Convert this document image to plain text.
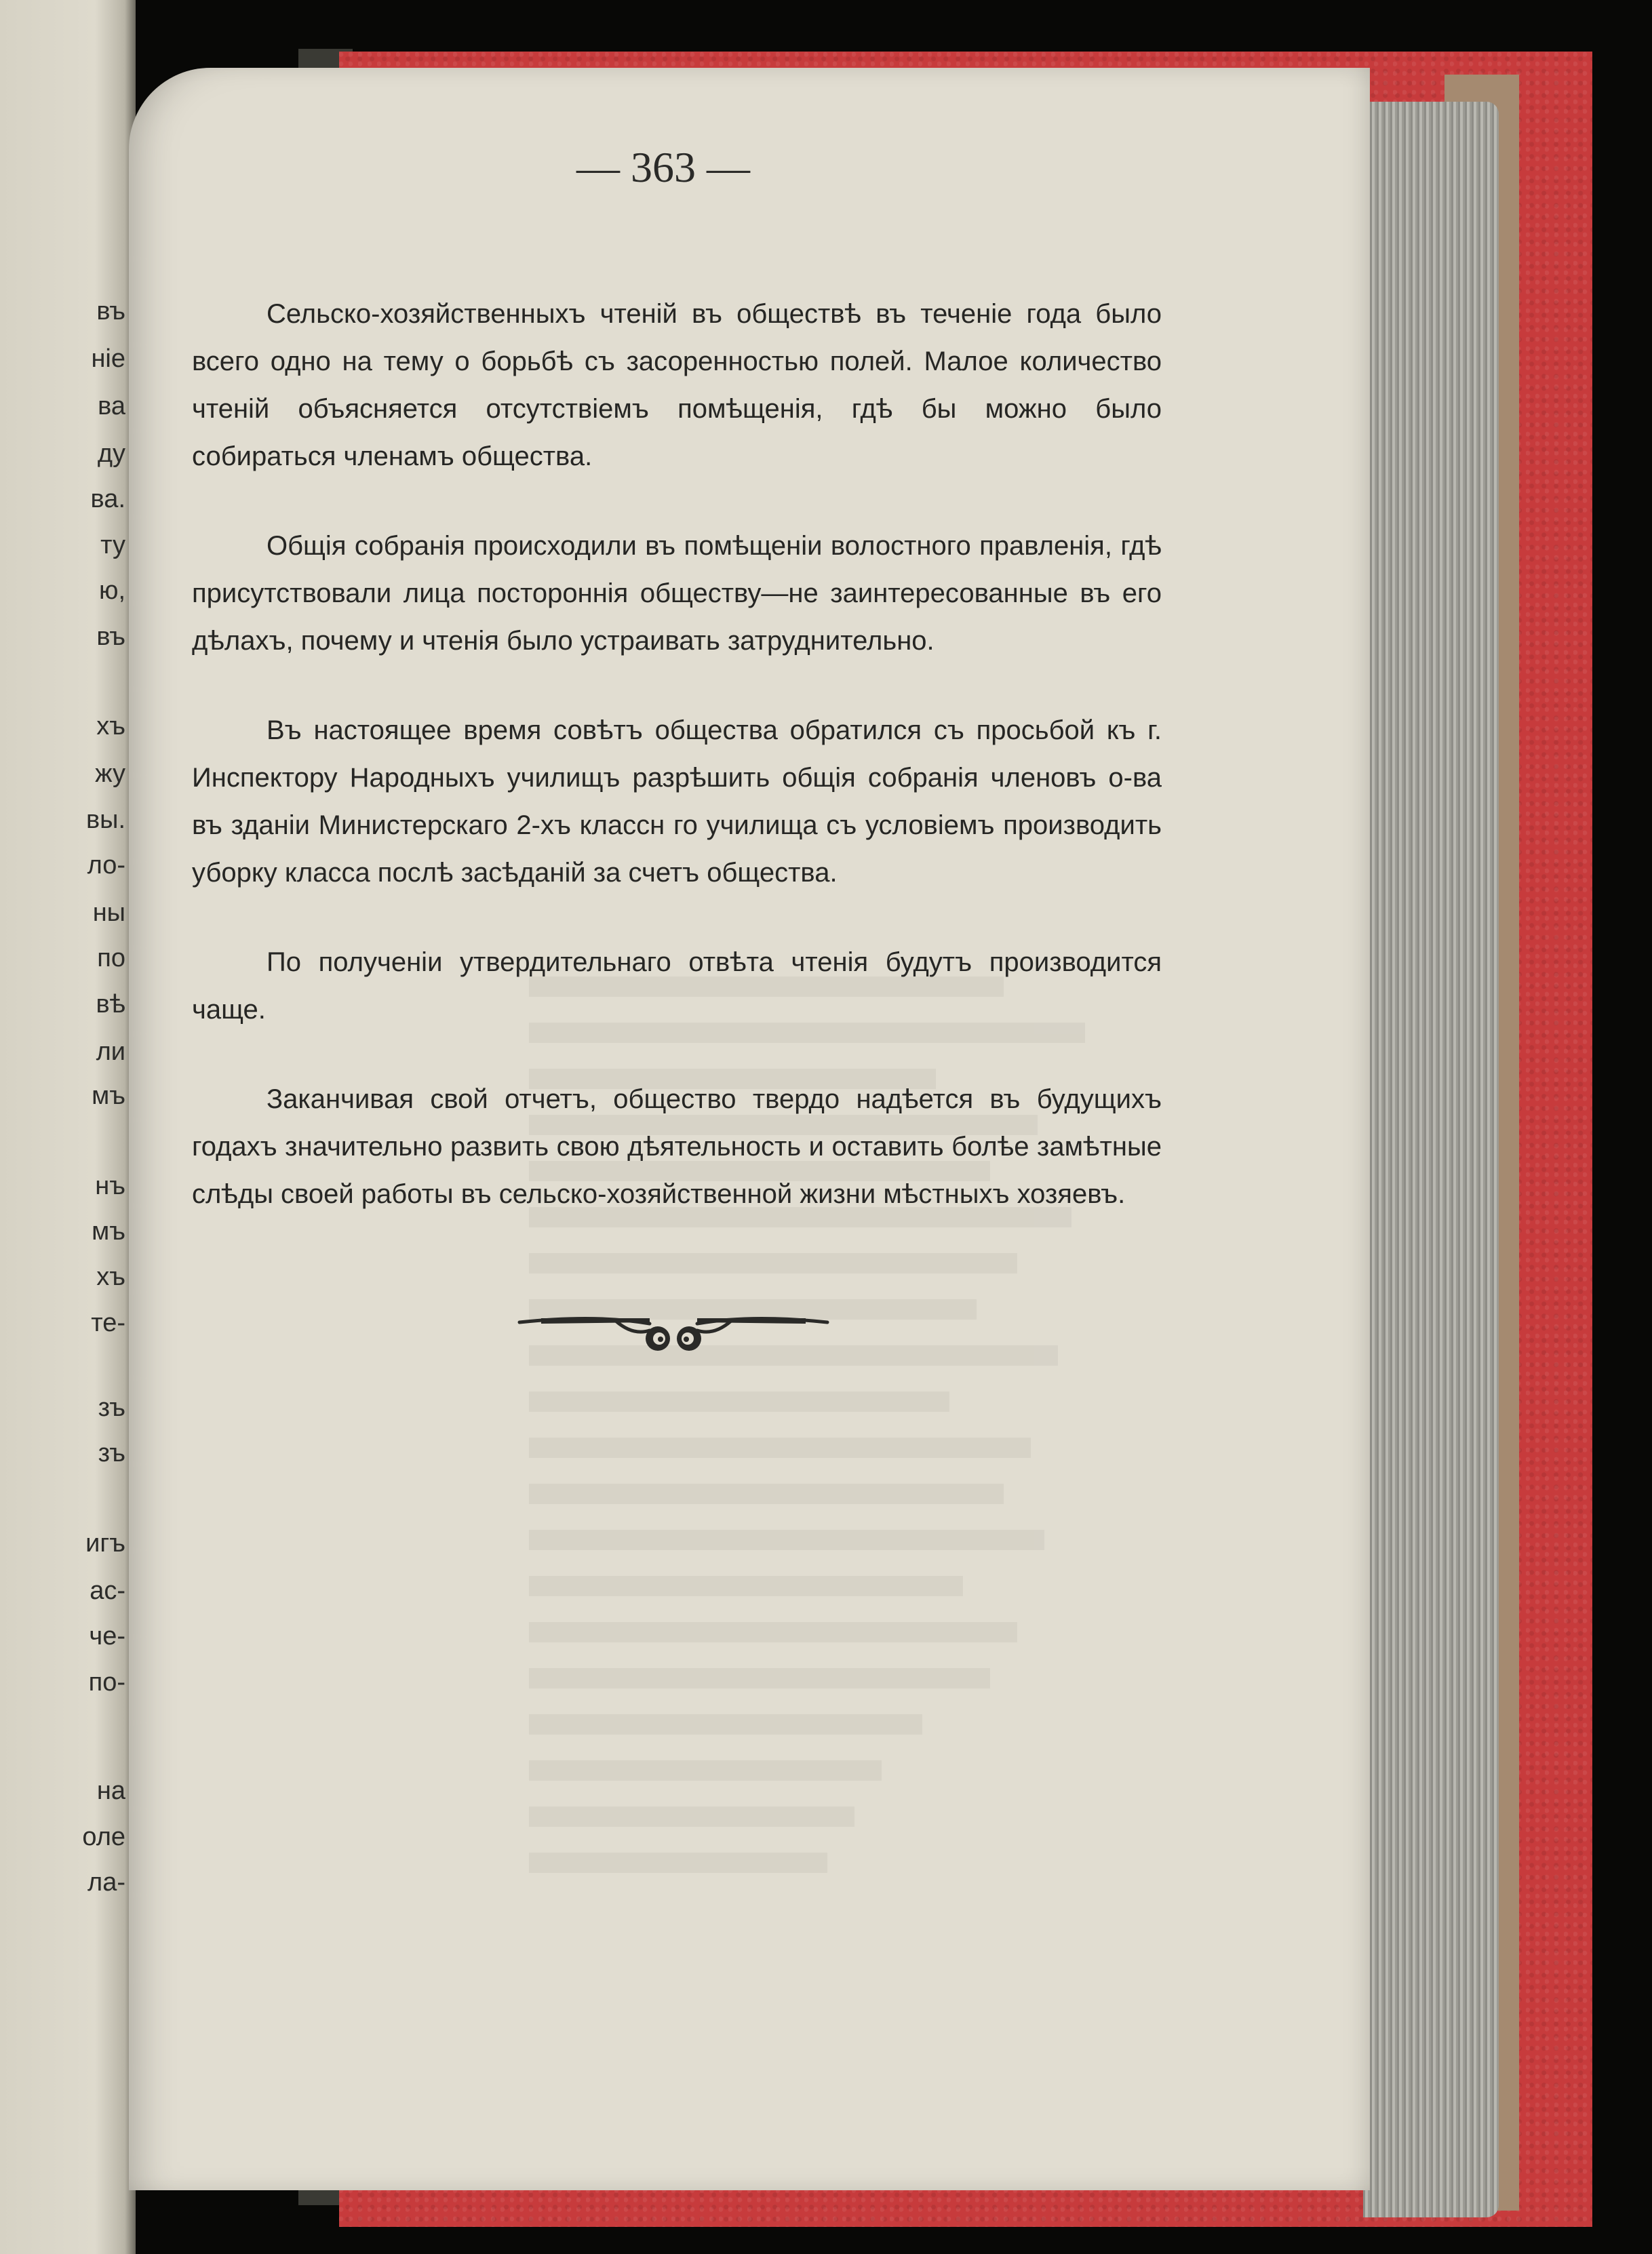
въ
нiе
ва
ду
ва.
ту
ю,
въ
хъ
жу
вы.
ло-
ны
по
вѣ
ли
мъ
нъ
мъ
хъ
те-
зъ
зъ
игъ
ас-
че-
по-
на
оле
ла-
— 363 —

Сельско-хозяйственныхъ чтенiй въ обществѣ въ теченiе года было всего одно на тему о борьбѣ съ засоренностью полей. Малое количество чтенiй объясняется отсутствiемъ помѣщенiя, гдѣ бы можно было собираться членамъ общества.

Общiя собранiя происходили въ помѣщенiи волостного правленiя, гдѣ присутствовали лица постороннiя обществу—не заинтересованные въ его дѣлахъ, почему и чтенiя было устраивать затруднительно.

Въ настоящее время совѣтъ общества обратился съ просьбой къ г. Инспектору Народныхъ училищъ разрѣшить общiя собранiя членовъ о-ва въ зданiи Министерскаго 2-хъ классн го училища съ условiемъ производить уборку класса послѣ засѣданiй за счетъ общества.

По полученiи утвердительнаго отвѣта чтенiя будутъ производится чаще.

Заканчивая свой отчетъ, общество твердо надѣется въ будущихъ годахъ значительно развить свою дѣятельность и оставить болѣе замѣтные слѣды своей работы въ сельско-хозяйственной жизни мѣстныхъ хозяевъ.
